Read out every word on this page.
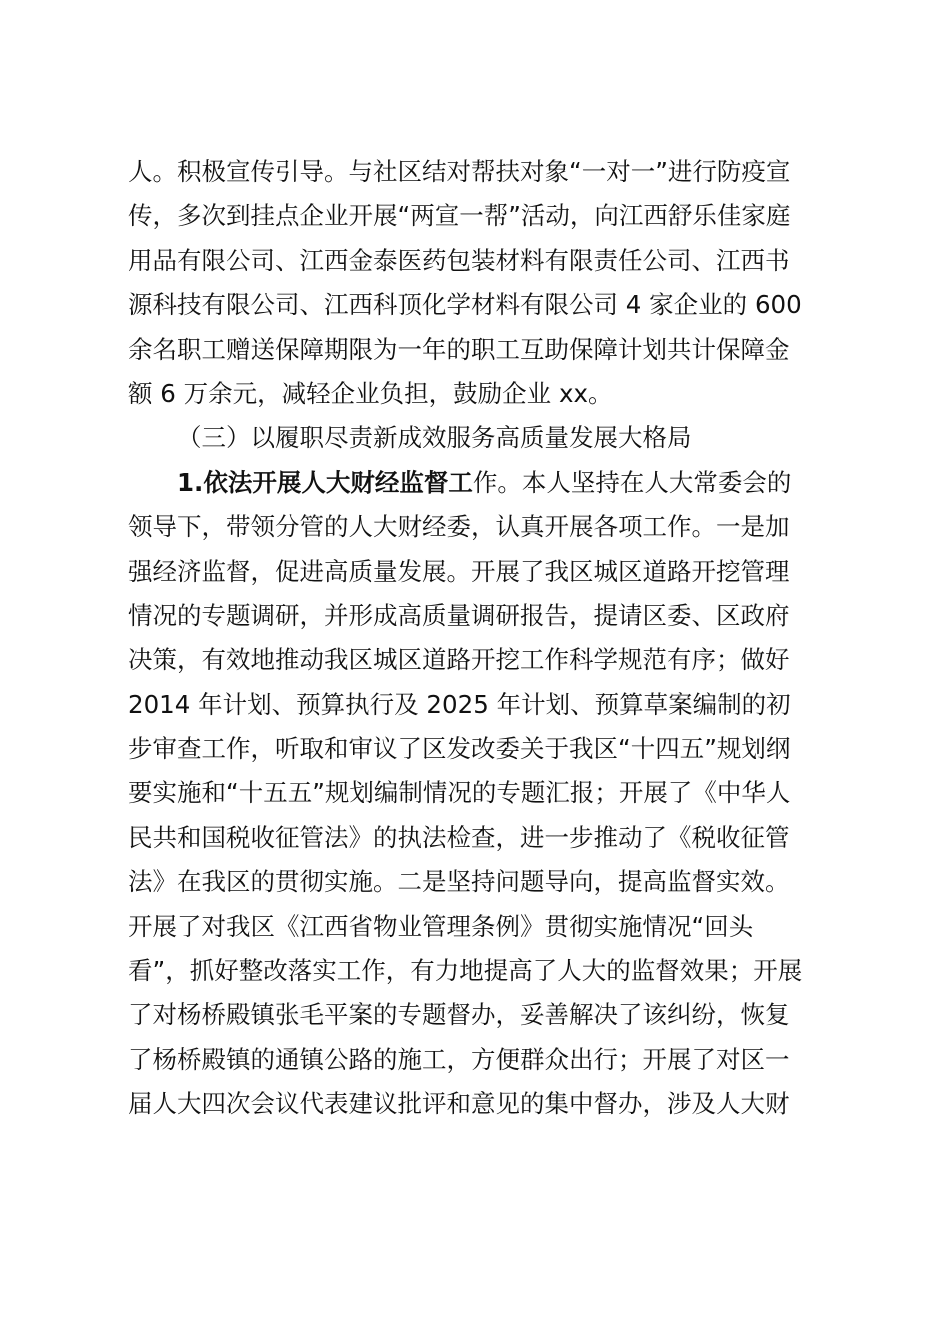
人。积极宣传引导。与社区结对帮扶对象“一对一”进行防疫宣
传，多次到挂点企业开展“两宣一帮”活动，向江西舒乐佳家庭
用品有限公司、江西金泰医药包装材料有限责任公司、江西书
源科技有限公司、江西科顶化学材料有限公司 4 家企业的 600
余名职工赠送保障期限为一年的职工互助保障计划共计保障金
额 6 万余元，减轻企业负担，鼓励企业 xx。
（三）以履职尽责新成效服务高质量发展大格局
1.依法开展人大财经监督工作。本人坚持在人大常委会的
领导下，带领分管的人大财经委，认真开展各项工作。一是加
强经济监督，促进高质量发展。开展了我区城区道路开挖管理
情况的专题调研，并形成高质量调研报告，提请区委、区政府
决策，有效地推动我区城区道路开挖工作科学规范有序；做好
2014 年计划、预算执行及 2025 年计划、预算草案编制的初
步审查工作，听取和审议了区发改委关于我区“十四五”规划纲
要实施和“十五五”规划编制情况的专题汇报；开展了《中华人
民共和国税收征管法》的执法检查，进一步推动了《税收征管
法》在我区的贯彻实施。二是坚持问题导向，提高监督实效。
开展了对我区《江西省物业管理条例》贯彻实施情况“回头
看”，抓好整改落实工作，有力地提高了人大的监督效果；开展
了对杨桥殿镇张毛平案的专题督办，妥善解决了该纠纷，恢复
了杨桥殿镇的通镇公路的施工，方便群众出行；开展了对区一
届人大四次会议代表建议批评和意见的集中督办，涉及人大财
